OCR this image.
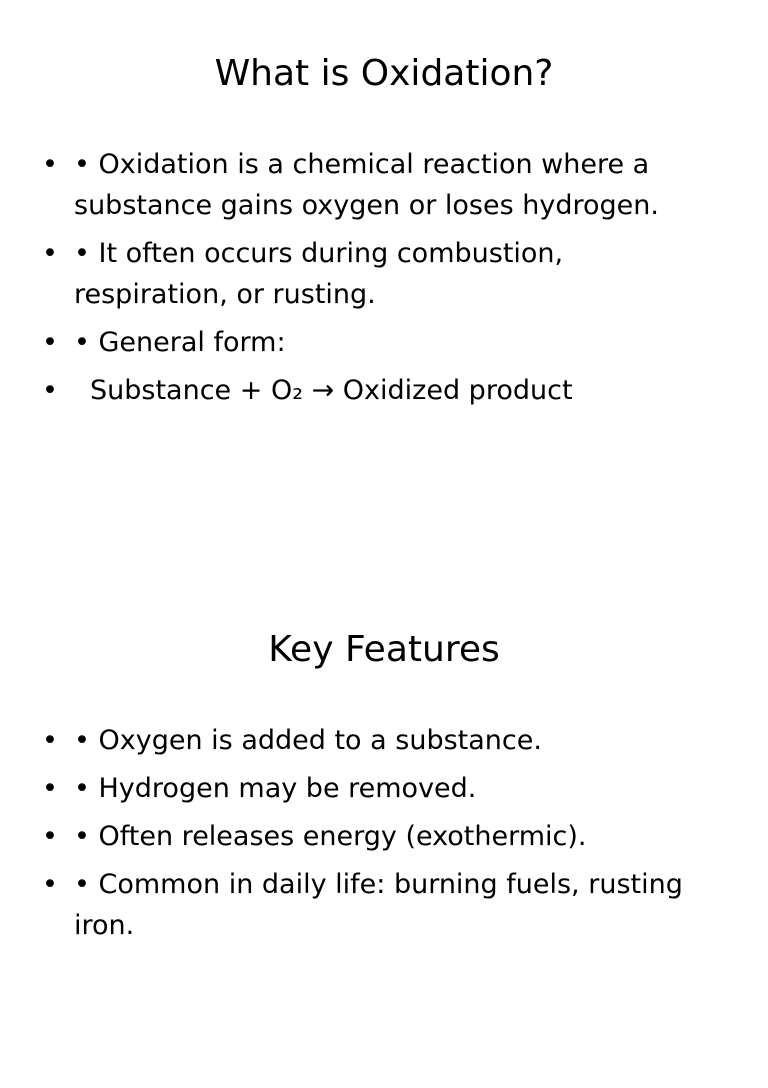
What is Oxidation?
• • Oxidation is a chemical reaction where a substance gains oxygen or loses hydrogen.
• • It often occurs during combustion, respiration, or rusting.
• • General form:
•	Substance + O₂ → Oxidized product
Key Features
• • Oxygen is added to a substance.
• • Hydrogen may be removed.
• • Often releases energy (exothermic).
• • Common in daily life: burning fuels, rusting iron.
